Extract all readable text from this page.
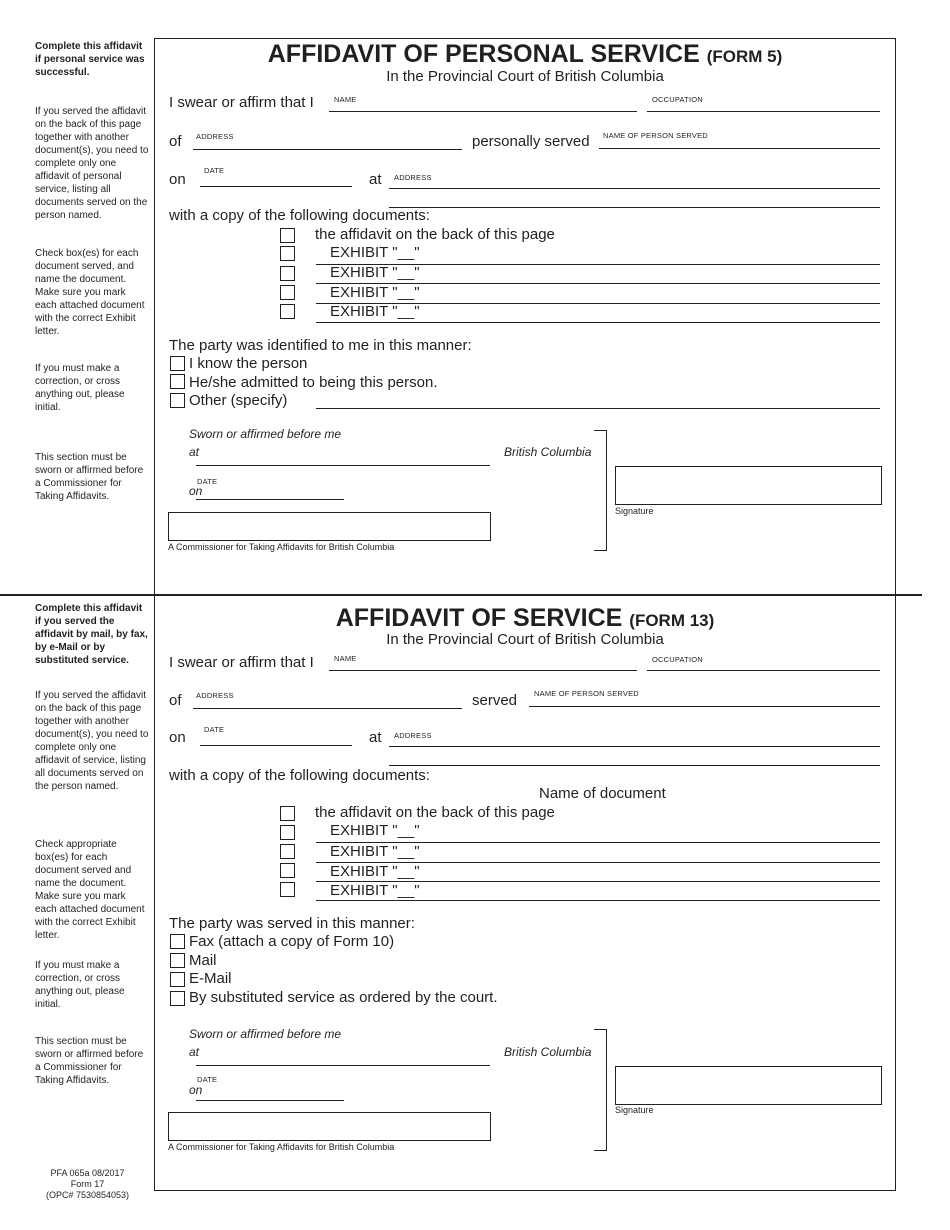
Complete this affidavit if personal service was successful.

If you served the affidavit on the back of this page together with another document(s), you need to complete only one affidavit of personal service, listing all documents served on the person named.

Check box(es) for each document served, and name the document. Make sure you mark each attached document with the correct Exhibit letter.

If you must make a correction, or cross anything out, please initial.

This section must be sworn or affirmed before a Commissioner for Taking Affidavits.

Complete this affidavit if you served the affidavit by mail, by fax, by e-Mail or by substituted service.

If you served the affidavit on the back of this page together with another document(s), you need to complete only one affidavit of service, listing all documents served on the person named.

Check appropriate box(es) for each document served and name the document. Make sure you mark each attached document with the correct Exhibit letter.

If you must make a correction, or cross anything out, please initial.

This section must be sworn or affirmed before a Commissioner for Taking Affidavits.

AFFIDAVIT OF PERSONAL SERVICE (FORM 5)
In the Provincial Court of British Columbia
I swear or affirm that I	NAME	OCCUPATION
of ADDRESS	personally served NAME OF PERSON SERVED
on
DATE
at ADDRESS
with a copy of the following documents:
the affidavit on the back of this page
EXHIBIT "__"
EXHIBIT "__"
EXHIBIT "__"
EXHIBIT "__"
The party was identified to me in this manner:
I know the person
He/she admitted to being this person.
Other (specify)
Sworn or affirmed before me
at	British Columbia
DATE
on
A Commissioner for Taking Affidavits for British Columbia
Signature
AFFIDAVIT OF SERVICE (FORM 13)
In the Provincial Court of British Columbia
I swear or affirm that I	NAME	OCCUPATION
of ADDRESS	served NAME OF PERSON SERVED
on DATE	at ADDRESS
with a copy of the following documents:
Name of document
the affidavit on the back of this page
EXHIBIT "__"
EXHIBIT "__"
EXHIBIT "__"
EXHIBIT "__"
The party was served in this manner:
Fax (attach a copy of Form 10)
Mail
E-Mail
By substituted service as ordered by the court.
Sworn or affirmed before me
at	British Columbia
DATE
on
A Commissioner for Taking Affidavits for British Columbia
Signature
PFA 065a 08/2017
Form 17
(OPC# 7530854053)
